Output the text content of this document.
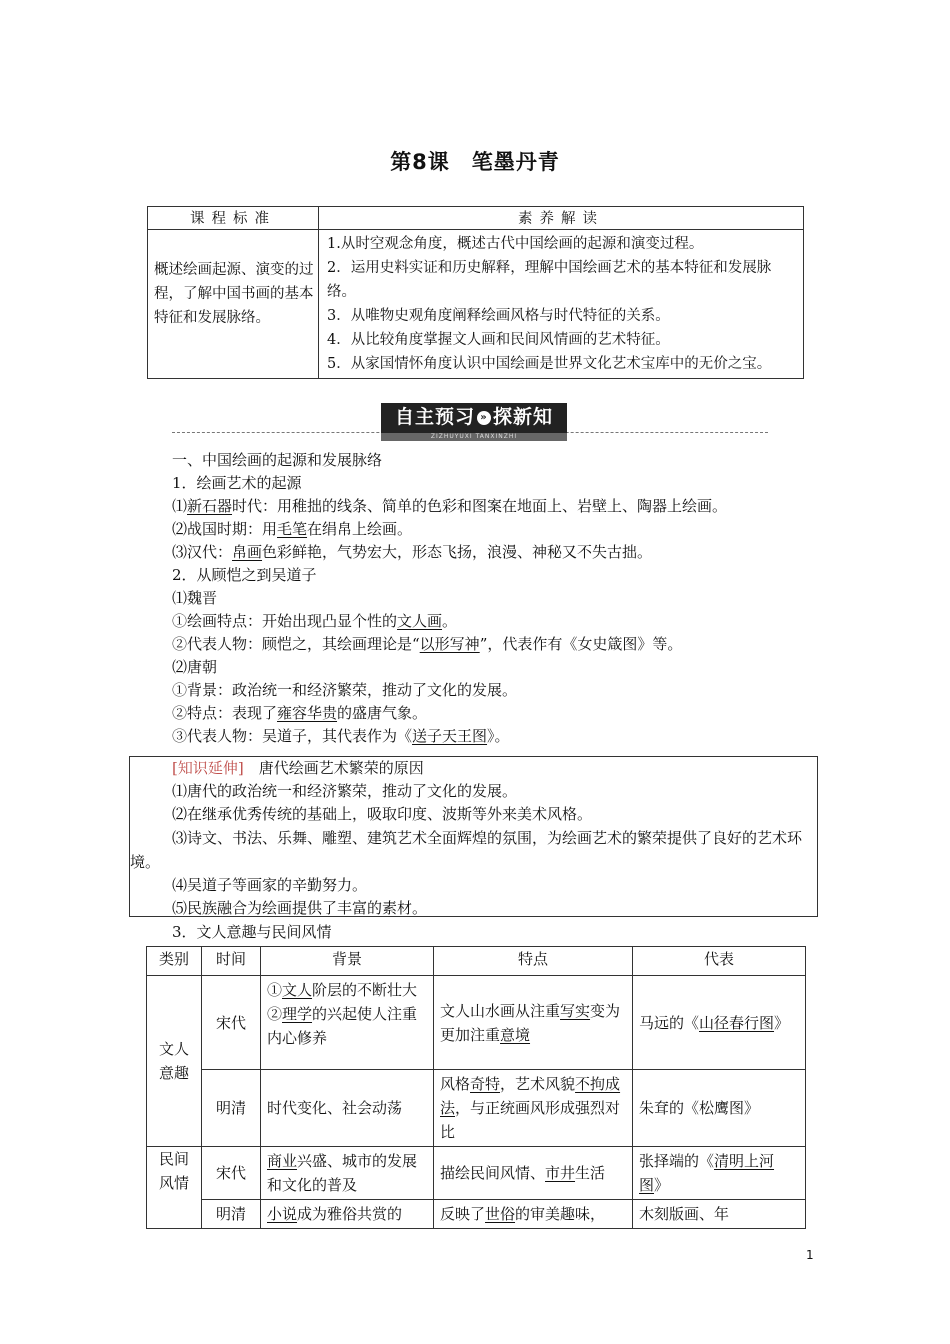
第8课　笔墨丹青
课程标准	素养解读
概述绘画起源、演变的过程，了解中国书画的基本特征和发展脉络。	1.从时空观念角度，概述古代中国绘画的起源和演变过程。
2．运用史料实证和历史解释，理解中国绘画艺术的基本特征和发展脉络。
3．从唯物史观角度阐释绘画风格与时代特征的关系。
4．从比较角度掌握文人画和民间风情画的艺术特征。
5．从家国情怀角度认识中国绘画是世界文化艺术宝库中的无价之宝。
自主预习 » 探新知
ZIZHUYUXI TANXINZHI
一、中国绘画的起源和发展脉络
1．绘画艺术的起源
⑴新石器时代：用稚拙的线条、简单的色彩和图案在地面上、岩壁上、陶器上绘画。
⑵战国时期：用毛笔在绢帛上绘画。
⑶汉代：帛画色彩鲜艳，气势宏大，形态飞扬，浪漫、神秘又不失古拙。
2．从顾恺之到吴道子
⑴魏晋
①绘画特点：开始出现凸显个性的文人画。
②代表人物：顾恺之，其绘画理论是“以形写神”，代表作有《女史箴图》等。
⑵唐朝
①背景：政治统一和经济繁荣，推动了文化的发展。
②特点：表现了雍容华贵的盛唐气象。
③代表人物：吴道子，其代表作为《送子天王图》。
[知识延伸]　 唐代绘画艺术繁荣的原因
⑴唐代的政治统一和经济繁荣，推动了文化的发展。
⑵在继承优秀传统的基础上，吸取印度、波斯等外来美术风格。
⑶诗文、书法、乐舞、雕塑、建筑艺术全面辉煌的氛围，为绘画艺术的繁荣提供了良好的艺术环境。
⑷吴道子等画家的辛勤努力。
⑸民族融合为绘画提供了丰富的素材。
3．文人意趣与民间风情
类别	时间	背景	特点	代表
文人意趣	宋代	①文人阶层的不断壮大
②理学的兴起使人注重内心修养	文人山水画从注重写实变为更加注重意境	马远的《山径春行图》
	明清	时代变化、社会动荡	风格奇特，艺术风貌不拘成法，与正统画风形成强烈对比	朱耷的《松鹰图》
民间风情	宋代	商业兴盛、城市的发展和文化的普及	描绘民间风情、市井生活	张择端的《清明上河图》
	明清	小说成为雅俗共赏的	反映了世俗的审美趣味，	木刻版画、年
1
